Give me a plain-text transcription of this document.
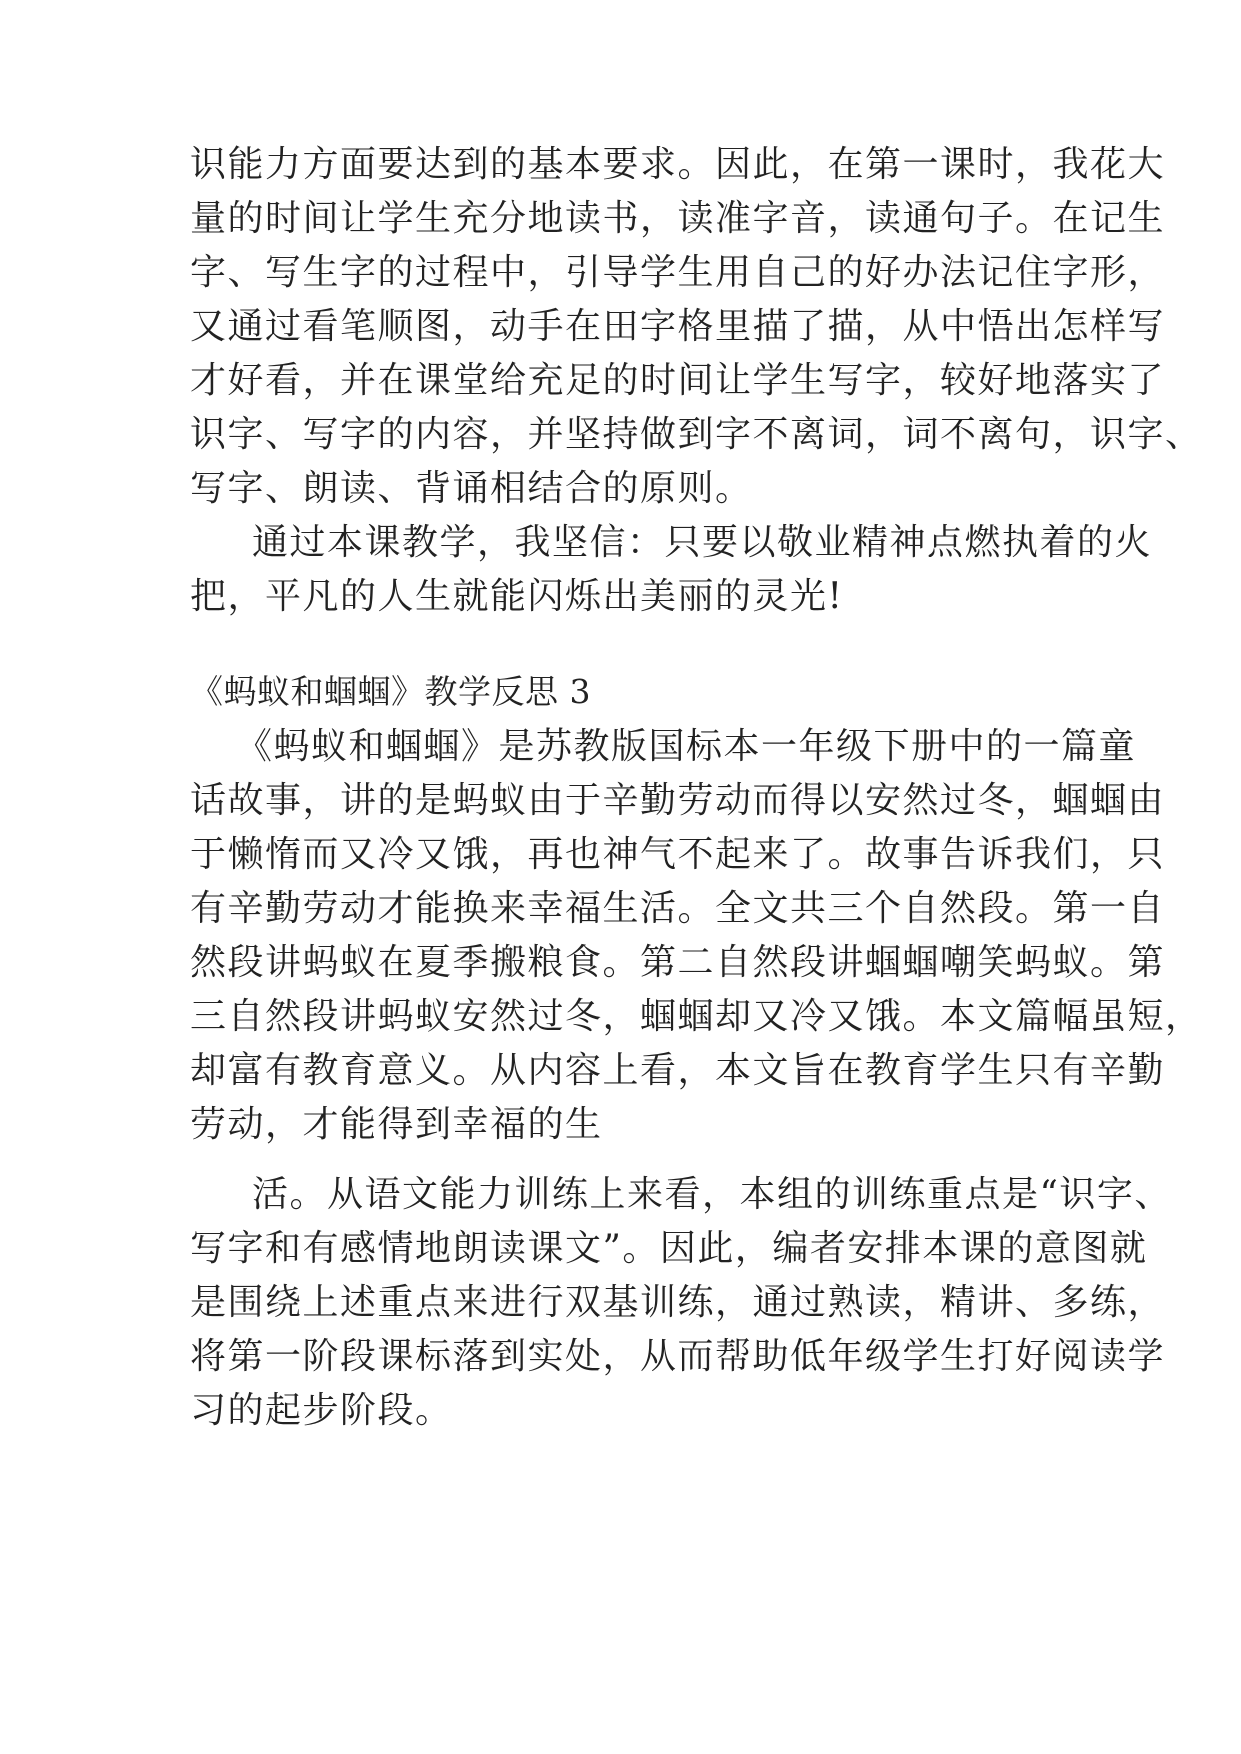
识能力方面要达到的基本要求。因此，在第一课时，我花大

量的时间让学生充分地读书，读准字音，读通句子。在记生

字、写生字的过程中，引导学生用自己的好办法记住字形，

又通过看笔顺图，动手在田字格里描了描，从中悟出怎样写

才好看，并在课堂给充足的时间让学生写字，较好地落实了

识字、写字的内容，并坚持做到字不离词，词不离句，识字、

写字、朗读、背诵相结合的原则。

通过本课教学，我坚信：只要以敬业精神点燃执着的火

把，平凡的人生就能闪烁出美丽的灵光!

《蚂蚁和蝈蝈》教学反思 3

《蚂蚁和蝈蝈》是苏教版国标本一年级下册中的一篇童

话故事，讲的是蚂蚁由于辛勤劳动而得以安然过冬，蝈蝈由

于懒惰而又冷又饿，再也神气不起来了。故事告诉我们，只

有辛勤劳动才能换来幸福生活。全文共三个自然段。第一自

然段讲蚂蚁在夏季搬粮食。第二自然段讲蝈蝈嘲笑蚂蚁。第

三自然段讲蚂蚁安然过冬，蝈蝈却又冷又饿。本文篇幅虽短，

却富有教育意义。从内容上看，本文旨在教育学生只有辛勤

劳动，才能得到幸福的生

活。从语文能力训练上来看，本组的训练重点是“识字、

写字和有感情地朗读课文”。因此，编者安排本课的意图就

是围绕上述重点来进行双基训练，通过熟读，精讲、多练，

将第一阶段课标落到实处，从而帮助低年级学生打好阅读学

习的起步阶段。
